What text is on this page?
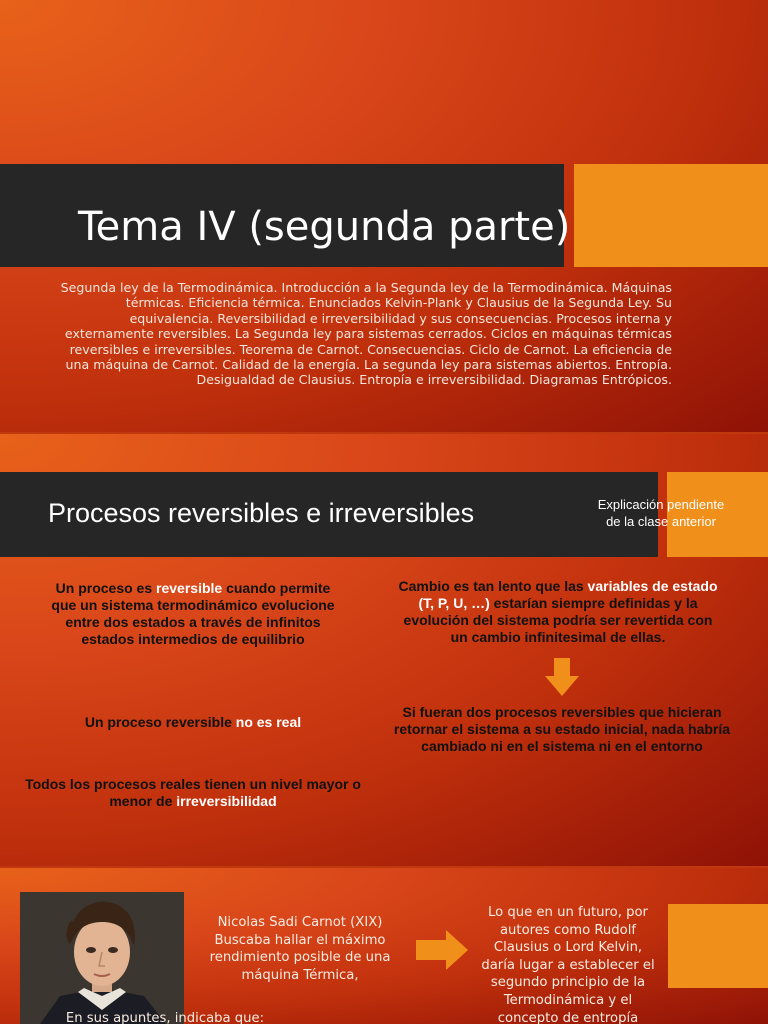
Tema IV (segunda parte)
Segunda ley de la Termodinámica. Introducción a la Segunda ley de la Termodinámica. Máquinas
térmicas. Eficiencia térmica. Enunciados Kelvin-Plank y Clausius de la Segunda Ley. Su
equivalencia. Reversibilidad e irreversibilidad y sus consecuencias. Procesos interna y
externamente reversibles. La Segunda ley para sistemas cerrados. Ciclos en máquinas térmicas
reversibles e irreversibles. Teorema de Carnot. Consecuencias. Ciclo de Carnot. La eficiencia de
una máquina de Carnot. Calidad de la energía. La segunda ley para sistemas abiertos. Entropía.
Desigualdad de Clausius. Entropía e irreversibilidad. Diagramas Entrópicos.
Procesos reversibles e irreversibles	Explicación pendiente
de la clase anterior
Un proceso es reversible cuando permite
que un sistema termodinámico evolucione
entre dos estados a través de infinitos
estados intermedios de equilibrio
Un proceso reversible no es real
Todos los procesos reales tienen un nivel mayor o
menor de irreversibilidad
Cambio es tan lento que las variables de estado
(T, P, U, …) estarían siempre definidas y la
evolución del sistema podría ser revertida con
un cambio infinitesimal de ellas.
Si fueran dos procesos reversibles que hicieran
retornar el sistema a su estado inicial, nada habría
cambiado ni en el sistema ni en el entorno
Nicolas Sadi Carnot (XIX)
Buscaba hallar el máximo
rendimiento posible de una
máquina Térmica,
Lo que en un futuro, por
autores como Rudolf
Clausius o Lord Kelvin,
daría lugar a establecer el
segundo principio de la
Termodinámica y el
concepto de entropía
En sus apuntes, indicaba que:
